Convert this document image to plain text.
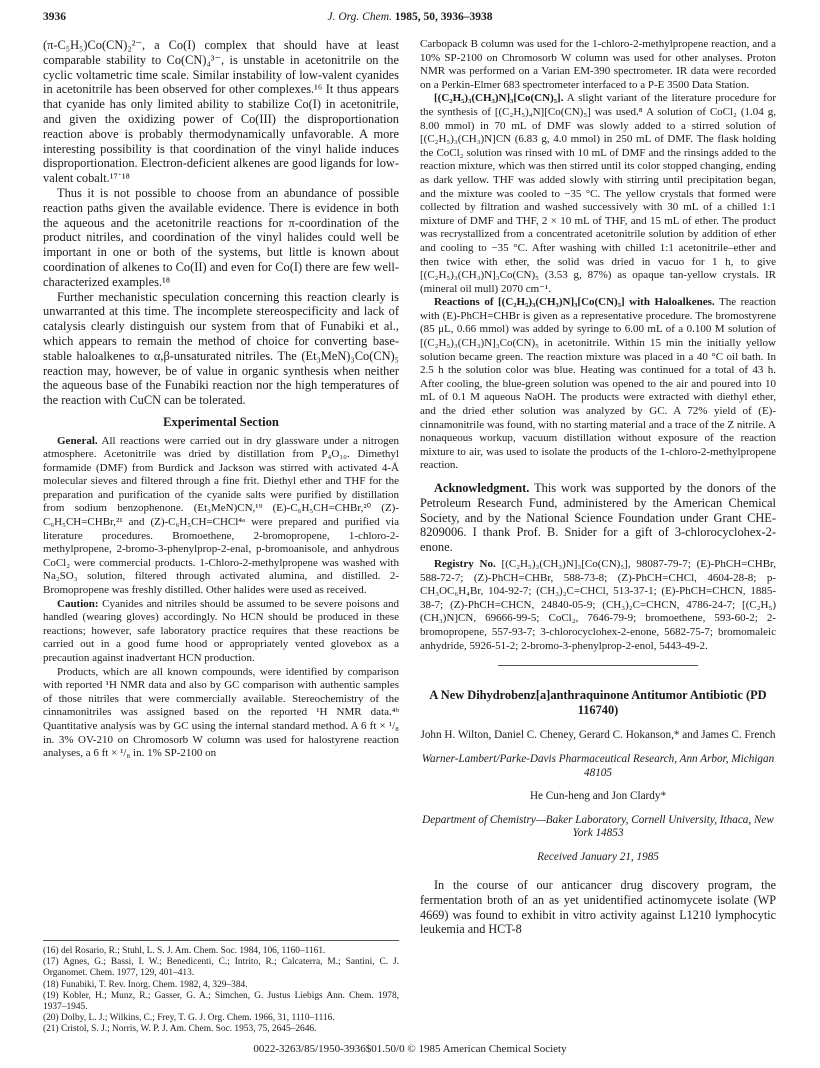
3936	J. Org. Chem. 1985, 50, 3936–3938

(π-C₅H₅)Co(CN)₂²⁻, a Co(I) complex that should have at least comparable stability to Co(CN)₄³⁻, is unstable in acetonitrile on the cyclic voltametric time scale. Similar instability of low-valent cyanides in acetonitrile has been observed for other complexes.¹⁶ It thus appears that cyanide has only limited ability to stabilize Co(I) in acetonitrile, and given the oxidizing power of Co(III) the disproportionation reaction above is probably thermodynamically unfavorable. A more interesting possibility is that coordination of the vinyl halide induces disproportionation. Electron-deficient alkenes are good ligands for low-valent cobalt.¹⁷˙¹⁸

Thus it is not possible to choose from an abundance of possible reaction paths given the available evidence. There is evidence in both the aqueous and the acetonitrile reactions for π-coordination of the product nitriles, and coordination of the vinyl halides could well be important in one or both of the systems, but little is known about coordination of alkenes to Co(II) and even for Co(I) there are few well-characterized examples.¹⁸

Further mechanistic speculation concerning this reaction clearly is unwarranted at this time. The incomplete stereospecificity and lack of catalysis clearly distinguish our system from that of Funabiki et al., which appears to remain the method of choice for converting base-stable haloalkenes to α,β-unsaturated nitriles. The (Et₃MeN)₃Co(CN)₅ reaction may, however, be of value in organic synthesis when neither the aqueous base of the Funabiki reaction nor the high temperatures of the reaction with CuCN can be tolerated.

Experimental Section

General. All reactions were carried out in dry glassware under a nitrogen atmosphere. Acetonitrile was dried by distillation from P₄O₁₀. Dimethyl formamide (DMF) from Burdick and Jackson was stirred with activated 4-Å molecular sieves and filtered through a fine frit. Diethyl ether and THF for the preparation and purification of the cyanide salts were purified by distillation from sodium benzophenone. (Et₃MeN)CN,¹⁹ (E)-C₆H₅CH=CHBr,²⁰ (Z)-C₆H₅CH=CHBr,²¹ and (Z)-C₆H₅CH=CHCl⁴ᵃ were prepared and purified via literature procedures. Bromoethene, 2-bromopropene, 1-chloro-2-methylpropene, 2-bromo-3-phenylprop-2-enal, p-bromoanisole, and anhydrous CoCl₂ were commercial products. 1-Chloro-2-methylpropene was washed with Na₂SO₃ solution, filtered through activated alumina, and distilled. 2-Bromopropene was freshly distilled. Other halides were used as received.

Caution: Cyanides and nitriles should be assumed to be severe poisons and handled (wearing gloves) accordingly. No HCN should be produced in these reactions; however, safe laboratory practice requires that these reactions be carried out in a good fume hood or appropriately vented glovebox as a precaution against inadvertant HCN production.

Products, which are all known compounds, were identified by comparison with reported ¹H NMR data and also by GC comparison with authentic samples of those nitriles that were commercially available. Stereochemistry of the cinnamonitriles was assigned based on the reported ¹H NMR data.⁴ᵇ Quantitative analysis was by GC using the internal standard method. A 6 ft × ¹/₈ in. 3% OV-210 on Chromosorb W column was used for halostyrene reaction analyses, a 6 ft × ¹/₈ in. 1% SP-2100 on

(16) del Rosario, R.; Stuhl, L. S. J. Am. Chem. Soc. 1984, 106, 1160–1161.

(17) Agnes, G.; Bassi, I. W.; Benedicenti, C.; Intrito, R.; Calcaterra, M.; Santini, C. J. Organomet. Chem. 1977, 129, 401–413.

(18) Funabiki, T. Rev. Inorg. Chem. 1982, 4, 329–384.

(19) Kobler, H.; Munz, R.; Gasser, G. A.; Simchen, G. Justus Liebigs Ann. Chem. 1978, 1937–1945.

(20) Dolby, L. J.; Wilkins, C.; Frey, T. G. J. Org. Chem. 1966, 31, 1110–1116.

(21) Cristol, S. J.; Norris, W. P. J. Am. Chem. Soc. 1953, 75, 2645–2646.

Carbopack B column was used for the 1-chloro-2-methylpropene reaction, and a 10% SP-2100 on Chromosorb W column was used for other analyses. Proton NMR was performed on a Varian EM-390 spectrometer. IR data were recorded on a Perkin-Elmer 683 spectrometer interfaced to a P-E 3500 Data Station.

[(C₂H₅)₃(CH₃)N]₃[Co(CN)₅]. A slight variant of the literature procedure for the synthesis of [(C₂H₅)₄N][Co(CN)₅] was used.⁸ A solution of CoCl₂ (1.04 g, 8.00 mmol) in 70 mL of DMF was slowly added to a stirred solution of [(C₂H₅)₃(CH₃)N]CN (6.83 g, 4.0 mmol) in 250 mL of DMF. The flask holding the CoCl₂ solution was rinsed with 10 mL of DMF and the rinsings added to the reaction mixture, which was then stirred until its color stopped changing, ending as dark yellow. THF was added slowly with stirring until precipitation began, and the mixture was cooled to −35 °C. The yellow crystals that formed were collected by filtration and washed successively with 30 mL of a chilled 1:1 mixture of DMF and THF, 2 × 10 mL of THF, and 15 mL of ether. The product was recrystallized from a concentrated acetonitrile solution by addition of ether and cooling to −35 °C. After washing with chilled 1:1 acetonitrile–ether and then twice with ether, the solid was dried in vacuo for 1 h, to give [(C₂H₅)₃(CH₃)N]₃Co(CN)₅ (3.53 g, 87%) as opaque tan-yellow crystals. IR (mineral oil mull) 2070 cm⁻¹.

Reactions of [(C₂H₅)₃(CH₃)N]₃[Co(CN)₅] with Haloalkenes. The reaction with (E)-PhCH=CHBr is given as a representative procedure. The bromostyrene (85 μL, 0.66 mmol) was added by syringe to 6.00 mL of a 0.100 M solution of [(C₂H₅)₃(CH₃)N]₃Co(CN)₅ in acetonitrile. Within 15 min the initially yellow solution became green. The reaction mixture was placed in a 40 °C oil bath. In 2.5 h the solution color was blue. Heating was continued for a total of 43 h. After cooling, the blue-green solution was opened to the air and poured into 10 mL of 0.1 M aqueous NaOH. The products were extracted with diethyl ether, and the dried ether solution was analyzed by GC. A 72% yield of (E)-cinnamonitrile was found, with no starting material and a trace of the Z nitrile. A nonaqueous workup, vacuum distillation without exposure of the reaction mixture to air, was used to isolate the products of the 1-chloro-2-methylpropene reaction.

Acknowledgment. This work was supported by the donors of the Petroleum Research Fund, administered by the American Chemical Society, and by the National Science Foundation under Grant CHE-8209006. I thank Prof. B. Snider for a gift of 3-chlorocyclohex-2-enone.

Registry No. [(C₂H₅)₃(CH₃)N]₃[Co(CN)₅], 98087-79-7; (E)-PhCH=CHBr, 588-72-7; (Z)-PhCH=CHBr, 588-73-8; (Z)-PhCH=CHCl, 4604-28-8; p-CH₃OC₆H₄Br, 104-92-7; (CH₃)₂C=CHCl, 513-37-1; (E)-PhCH=CHCN, 1885-38-7; (Z)-PhCH=CHCN, 24840-05-9; (CH₃)₂C=CHCN, 4786-24-7; [(C₂H₅)(CH₃)N]CN, 69666-99-5; CoCl₂, 7646-79-9; bromoethene, 593-60-2; 2-bromopropene, 557-93-7; 3-chlorocyclohex-2-enone, 5682-75-7; bromomaleic anhydride, 5926-51-2; 2-bromo-3-phenylprop-2-enol, 5443-49-2.

A New Dihydrobenz[a]anthraquinone Antitumor Antibiotic (PD 116740)
John H. Wilton, Daniel C. Cheney, Gerard C. Hokanson,* and James C. French
Warner-Lambert/Parke-Davis Pharmaceutical Research, Ann Arbor, Michigan 48105
He Cun-heng and Jon Clardy*
Department of Chemistry—Baker Laboratory, Cornell University, Ithaca, New York 14853
Received January 21, 1985

In the course of our anticancer drug discovery program, the fermentation broth of an as yet unidentified actinomycete isolate (WP 4669) was found to exhibit in vitro activity against L1210 lymphocytic leukemia and HCT-8

0022-3263/85/1950-3936$01.50/0 © 1985 American Chemical Society
